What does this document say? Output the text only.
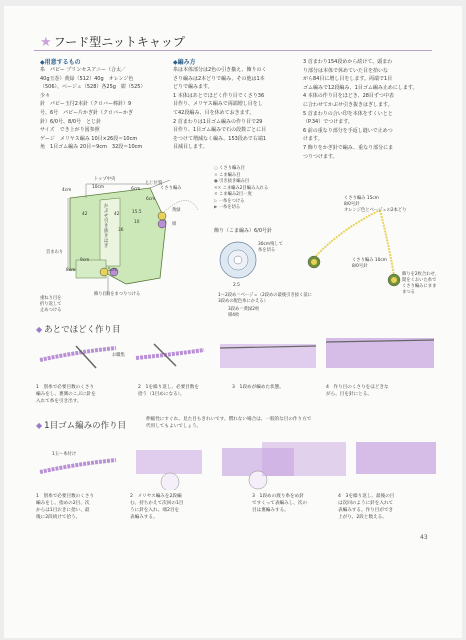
★ フード型ニットキャップ
◆用意するもの

糸　パピー プリンセスアニー（合太／

40g玉巻）黄緑（512）40g　オレンジ色

（506）、ベージュ（528）各25g　紺（525）

少々

針　パピー玉付2本針（クロバー棒針）9

号、6号　パピー片かぎ針（クロバーかぎ

針）6/0号、8/0号　とじ針

サイズ　でき上がり図参照

ゲージ　メリヤス編み 10目×26段＝10cm

角　1目ゴム編み 20目＝9cm　32段＝10cm

◆編み方

糸は本体部分は2色の引き揃え、飾りのく

さり編みは2本どりで編み、その他は1本

どりで編みます。

1 本体はあとでほどく作り目でくさり36

目作り、メリヤス編みで両端増し目をし

て42段編み、目を休めておきます。

2 首まわりは1目ゴム編みの作り目で29

目作り、1目ゴム編みで石の段数ごとに目

をつけて増減なく編み、153段めで右端1

目減目します。

3 首まわり154段めから続けて、頭まわ

り部分は本体で休めていた目を拾いな

がら84目に増し目をします。両端で1目

ゴム編みで12段編み、1目ゴム編み止めにします。

4 本体の作り目をほどき、28目ずつ中表

に合わせてかぶせ引き抜きはぎします。

5 首まわりの合い印を本体をすくいとと

（P.34）でつけます。

6 前の重なり部分を手返し縫いで止めつ

けます。

7 飾りをかぎ針で編み、重なり部分にま

つりつけます。

トップ中央
10cm
4cm	6cm
とじ位置
42	42
36
かぶせ引き抜きはぎ
くさり編み
黄緑
紺
6cm
15.5
10
9cm
8cm	5cm
首まわり
飾り(別)をまつりつける
重ねり目を
折り返して
止めつける
○ くさり編み目
× こま編み目
● 引き抜き編み目
✕✕ こま編み2目編み入れる
✕ こま編み2目一度
▷ 一糸をつける
▶ 一糸を切る
飾り（こま編み）6/0号針
30cm残して
糸を切る
2.5
1〜2段め＝ベージュ（2段めの最後引き抜く前に
3段めの配色糸にかえる）
3段め＝黄緑2枚
紺4枚
くさり編み 15cm
8/0号針
オレンジ色とベージュの2本どり
くさり編み 10cm
8/0号針
飾りを2枚合わせ、
間をくおいた糸で
くさり編みにまま
まつる
◆ あとでほどく作り目
お職集
1　別糸で必要目数のくさり
編みをし、裏側のこぶに針を
入れて糸を引き出す。
2　1を繰り返し、必要目数を
拾う（1目めになる）。
3　1段めが編めた状態。	4　作り目のくさりをほどきな
がら、目を針にとる。
◆ 1目ゴム編みの作り目
伸縮性にすぐれ、見た目もきれいです。慣れない場合は、一般的な目の作り方で
代用してもよいでしょう。
1玉〜糸付け
1　別糸で必要目数のくさり
編みをし、指めの2目、次
からは1目おきに拾い、最
後に2段続けて拾う。
2　メリヤス編みを2段編
む。持ちかえて次回の1目
うに針を入れ、端2目を
表編みする。
3　1段めの渡り糸をめ針
ですくって表編みし、次の
目は裏編みする。
4　3を繰り返し、最後の目
は次回のように針を入れて
表編みする。作り目ができ
上がり、2段と数える。
43
